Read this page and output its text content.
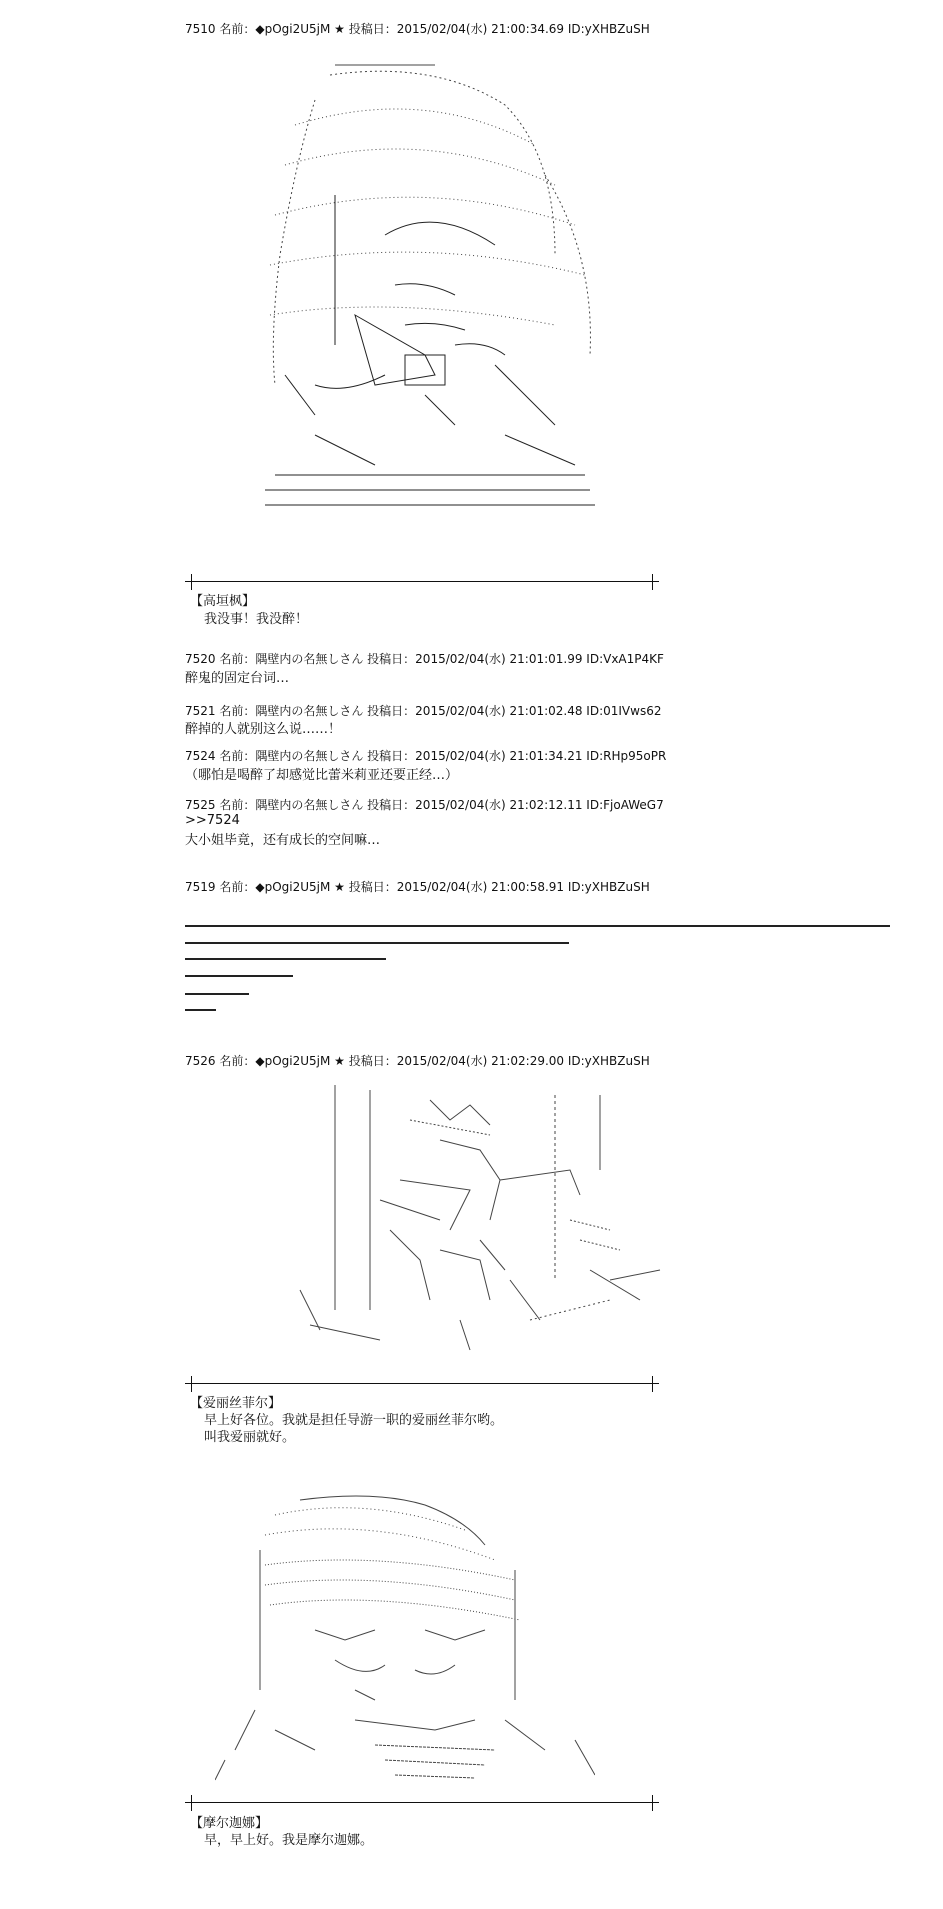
7510 名前：◆pOgi2U5jM ★ 投稿日：2015/02/04(水) 21:00:34.69 ID:yXHBZuSH
【高垣枫】
我没事！我没醉！
7520 名前：隅壁内の名無しさん 投稿日：2015/02/04(水) 21:01:01.99 ID:VxA1P4KF
醉鬼的固定台词…
7521 名前：隅壁内の名無しさん 投稿日：2015/02/04(水) 21:01:02.48 ID:01IVws62
醉掉的人就别这么说……！
7524 名前：隅壁内の名無しさん 投稿日：2015/02/04(水) 21:01:34.21 ID:RHp95oPR
（哪怕是喝醉了却感觉比蕾米莉亚还要正经…）
7525 名前：隅壁内の名無しさん 投稿日：2015/02/04(水) 21:02:12.11 ID:FjoAWeG7
>>7524
大小姐毕竟，还有成长的空间嘛…
7519 名前：◆pOgi2U5jM ★ 投稿日：2015/02/04(水) 21:00:58.91 ID:yXHBZuSH
7526 名前：◆pOgi2U5jM ★ 投稿日：2015/02/04(水) 21:02:29.00 ID:yXHBZuSH
【爱丽丝菲尔】
早上好各位。我就是担任导游一职的爱丽丝菲尔哟。
叫我爱丽就好。
【摩尔迦娜】
早，早上好。我是摩尔迦娜。
